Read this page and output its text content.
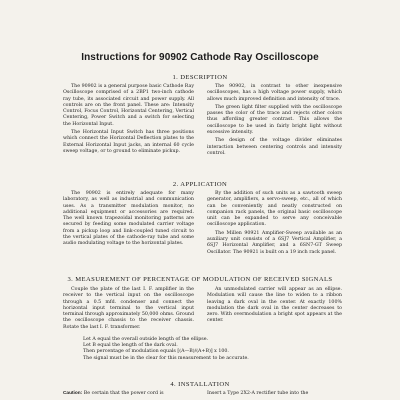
Instructions for 90902 Cathode Ray Oscilloscope
1. DESCRIPTION

The 90902 is a general purpose basic Cathode Ray Oscilloscope comprised of a 2BP1 two-inch cathode ray tube, its associated circuit and power supply. All controls are on the front panel. These are: Intensity Control, Focus Control, Horizontal Centering, Vertical Centering, Power Switch and a switch for selecting the Horizontal Input.

The Horizontal Input Switch has three positions which connect the Horizontal Deflection plates to the External Horizontal Input jacks, an internal 60 cycle sweep voltage, or to ground to eliminate pickup.

The 90902, in contrast to other inexpensive oscilloscopes, has a high voltage power supply, which allows much improved definition and intensity of trace.

The green light filter supplied with the oscilloscope passes the color of the trace and rejects other colors thus affording greater contrast. This allows the oscilloscope to be used in fairly bright light without excessive intensity.

The design of the voltage divider eliminates interaction between centering controls and intensity control.

2. APPLICATION

The 90902 is entirely adequate for many laboratory, as well as industrial and communication uses. As a transmitter modulation monitor, no additional equipment or accessories are required. The well known trapezoidal monitoring patterns are secured by feeding some modulated carrier voltage from a pickup loop and link-coupled tuned circuit to the vertical plates of the cathode-ray tube and some audio modulating voltage to the horizontal plates.

By the addition of such units as a sawtooth sweep generator, amplifiers, a servo-sweep, etc., all of which can be conveniently and neatly constructed on companion rack panels, the original basic oscilloscope unit can be expanded to serve any conceivable oscilloscope application.

The Millen 90921 Amplifier-Sweep available as an auxiliary unit consists of a 6SJ7 Vertical Amplifier, a 6SJ7 Horizontal Amplifier, and a 6SN7-GT Sweep Oscillator. The 90921 is built on a 19 inch rack panel.

3. MEASUREMENT OF PERCENTAGE OF MODULATION OF RECEIVED SIGNALS

Couple the plate of the last I. F. amplifier in the receiver to the vertical input on the oscilloscope through a 0.5 mfd. condenser and connect the horizontal input terminal to the vertical input terminal through approximately 50,000 ohms. Ground the oscilloscope chassis to the receiver chassis. Rotate the last I. F. transformer.

An unmodulated carrier will appear as an ellipse. Modulation will cause the line to widen to a ribbon leaving a dark oval in the center. At exactly 100% modulation the dark oval in the center decreases to zero. With overmodulation a bright spot appears at the center.

Let A equal the overall outside length of the ellipse.
Let B equal the length of the dark oval.
Then percentage of modulation equals [(A—B)/(A+B)] x 100.
The signal must be in the clear for this measurement to be accurate.
4. INSTALLATION
Caution: Be certain that the power cord is	Insert a Type 2X2-A rectifier tube into the
